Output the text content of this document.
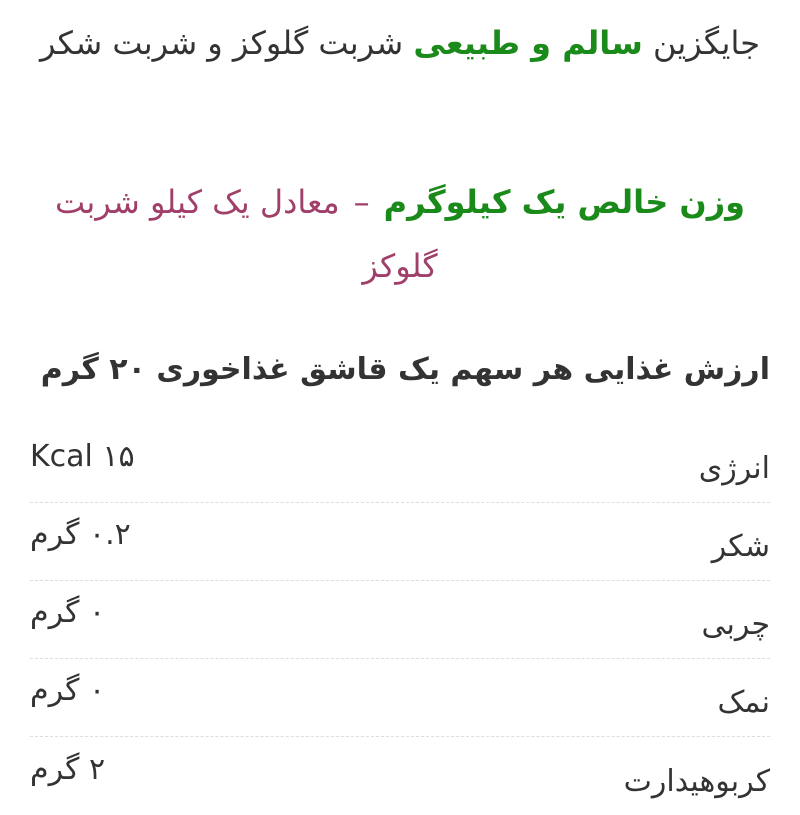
جایگزین سالم و طبیعی شربت گلوکز و شربت شکر
وزن خالص یک کیلوگرم–معادل یک کیلو شربت گلوکز
ارزش غذایی هر سهم یک قاشق غذاخوری ۲۰ گرم
انرژی
Kcal ۱۵
شکر
۰.۲ گرم
چربی
۰ گرم
نمک
۰ گرم
کربوهیدارت
۲ گرم
